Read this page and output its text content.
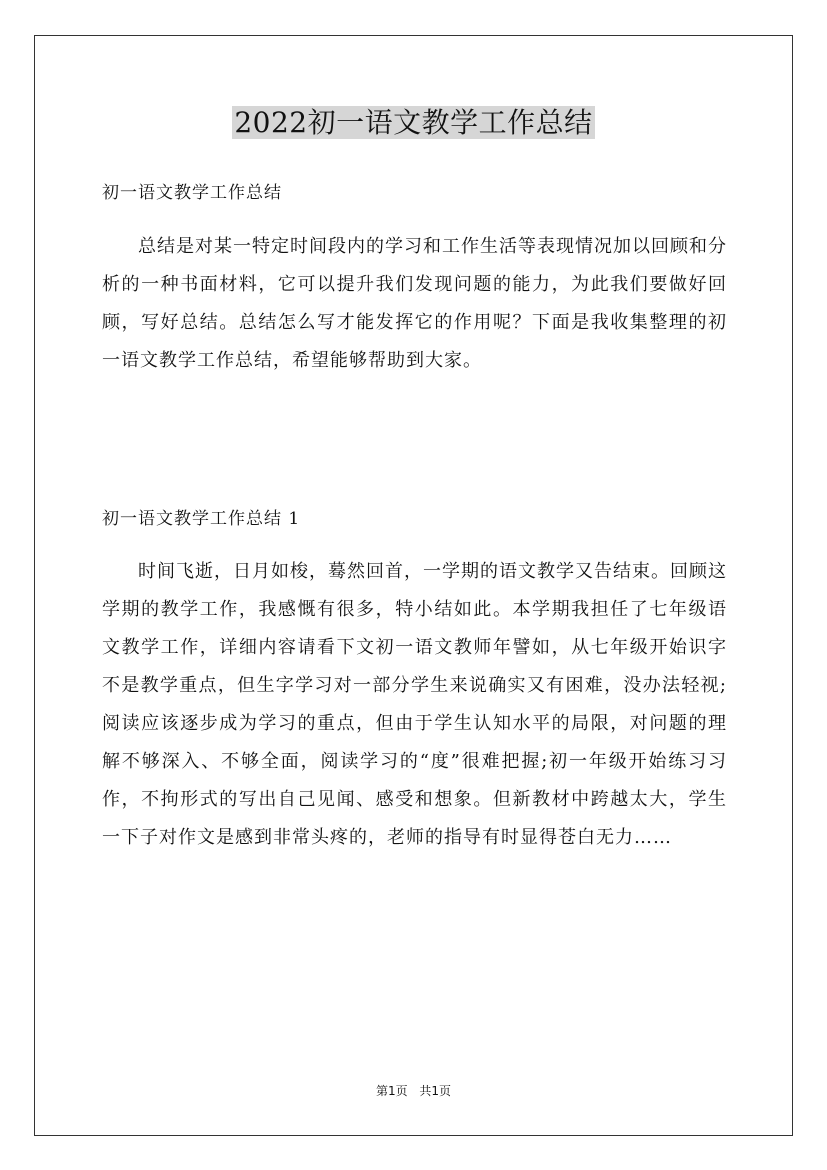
2022初一语文教学工作总结
初一语文教学工作总结

总结是对某一特定时间段内的学习和工作生活等表现情况加以回顾和分析的一种书面材料，它可以提升我们发现问题的能力，为此我们要做好回顾，写好总结。总结怎么写才能发挥它的作用呢？下面是我收集整理的初一语文教学工作总结，希望能够帮助到大家。

初一语文教学工作总结 1

时间飞逝，日月如梭，蓦然回首，一学期的语文教学又告结束。回顾这学期的教学工作，我感慨有很多，特小结如此。本学期我担任了七年级语文教学工作，详细内容请看下文初一语文教师年譬如，从七年级开始识字不是教学重点，但生字学习对一部分学生来说确实又有困难，没办法轻视;阅读应该逐步成为学习的重点，但由于学生认知水平的局限，对问题的理解不够深入、不够全面，阅读学习的“度”很难把握;初一年级开始练习习作，不拘形式的写出自己见闻、感受和想象。但新教材中跨越太大，学生一下子对作文是感到非常头疼的，老师的指导有时显得苍白无力……

第1页 共1页
